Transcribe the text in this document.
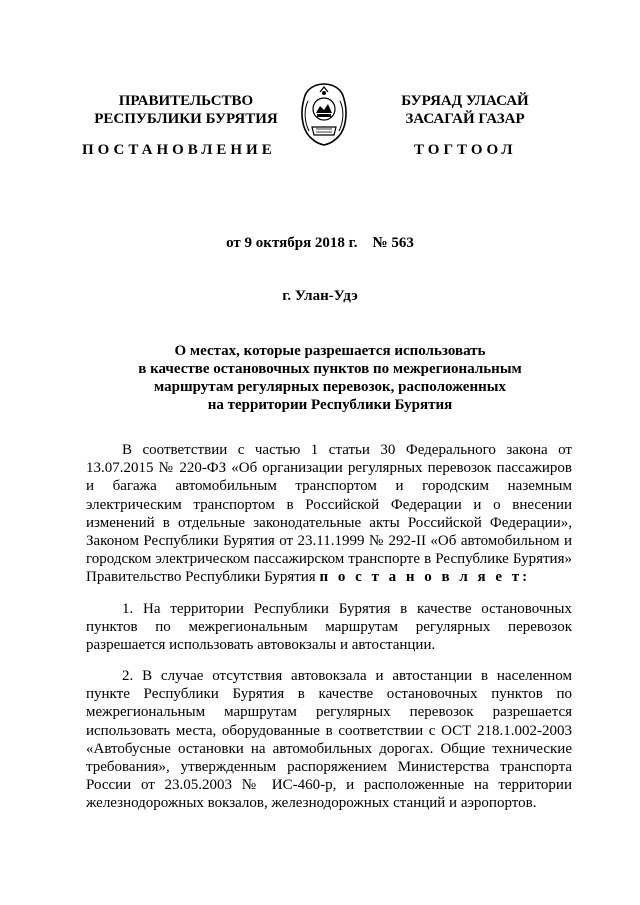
ПРАВИТЕЛЬСТВО
РЕСПУБЛИКИ БУРЯТИЯ
БУРЯАД УЛАСАЙ
ЗАСАГАЙ ГАЗАР
ПОСТАНОВЛЕНИЕ	ТОГТООЛ
от 9 октября 2018 г.    № 563
г. Улан-Удэ
О местах, которые разрешается использовать
в качестве остановочных пунктов по межрегиональным
маршрутам регулярных перевозок, расположенных
на территории Республики Бурятия

В соответствии с частью 1 статьи 30 Федерального закона от 13.07.2015 № 220-ФЗ «Об организации регулярных перевозок пассажиров и багажа автомобильным транспортом и городским наземным электрическим транспортом в Российской Федерации и о внесении изменений в отдельные законодательные акты Российской Федерации», Законом Республики Бурятия от 23.11.1999 № 292-II «Об автомобильном и городском электрическом пассажирском транспорте в Республике Бурятия» Правительство Республики Бурятия п о с т а н о в л я е т:

1. На территории Республики Бурятия в качестве остановочных пунктов по межрегиональным маршрутам регулярных перевозок разрешается использовать автовокзалы и автостанции.

2. В случае отсутствия автовокзала и автостанции в населенном пункте Республики Бурятия в качестве остановочных пунктов по межрегиональным маршрутам регулярных перевозок разрешается использовать места, оборудованные в соответствии с ОСТ 218.1.002-2003 «Автобусные остановки на автомобильных дорогах. Общие технические требования», утвержденным распоряжением Министерства транспорта России от 23.05.2003 № ИС-460-р, и расположенные на территории железнодорожных вокзалов, железнодорожных станций и аэропортов.
